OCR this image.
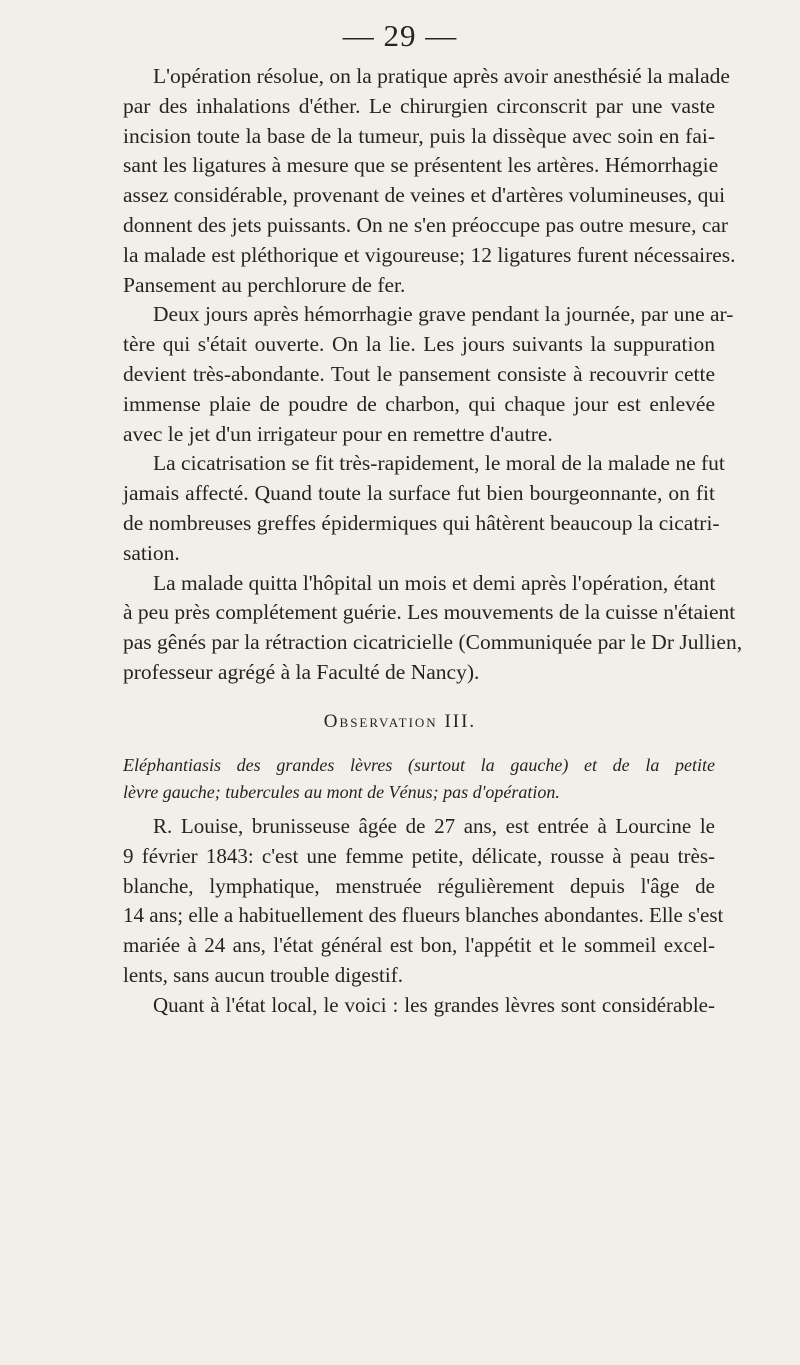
— 29 —
L'opération résolue, on la pratique après avoir anesthésié la malade
par des inhalations d'éther. Le chirurgien circonscrit par une vaste
incision toute la base de la tumeur, puis la dissèque avec soin en fai-
sant les ligatures à mesure que se présentent les artères. Hémorrhagie
assez considérable, provenant de veines et d'artères volumineuses, qui
donnent des jets puissants. On ne s'en préoccupe pas outre mesure, car
la malade est pléthorique et vigoureuse; 12 ligatures furent nécessaires.
Pansement au perchlorure de fer.
Deux jours après hémorrhagie grave pendant la journée, par une ar-
tère qui s'était ouverte. On la lie. Les jours suivants la suppuration
devient très-abondante. Tout le pansement consiste à recouvrir cette
immense plaie de poudre de charbon, qui chaque jour est enlevée
avec le jet d'un irrigateur pour en remettre d'autre.
La cicatrisation se fit très-rapidement, le moral de la malade ne fut
jamais affecté. Quand toute la surface fut bien bourgeonnante, on fit
de nombreuses greffes épidermiques qui hâtèrent beaucoup la cicatri-
sation.
La malade quitta l'hôpital un mois et demi après l'opération, étant
à peu près complétement guérie. Les mouvements de la cuisse n'étaient
pas gênés par la rétraction cicatricielle (Communiquée par le Dr Jullien,
professeur agrégé à la Faculté de Nancy).
Observation III.
Eléphantiasis des grandes lèvres (surtout la gauche) et de la petite
lèvre gauche; tubercules au mont de Vénus; pas d'opération.
R. Louise, brunisseuse âgée de 27 ans, est entrée à Lourcine le
9 février 1843: c'est une femme petite, délicate, rousse à peau très-
blanche, lymphatique, menstruée régulièrement depuis l'âge de
14 ans; elle a habituellement des flueurs blanches abondantes. Elle s'est
mariée à 24 ans, l'état général est bon, l'appétit et le sommeil excel-
lents, sans aucun trouble digestif.
Quant à l'état local, le voici : les grandes lèvres sont considérable-
